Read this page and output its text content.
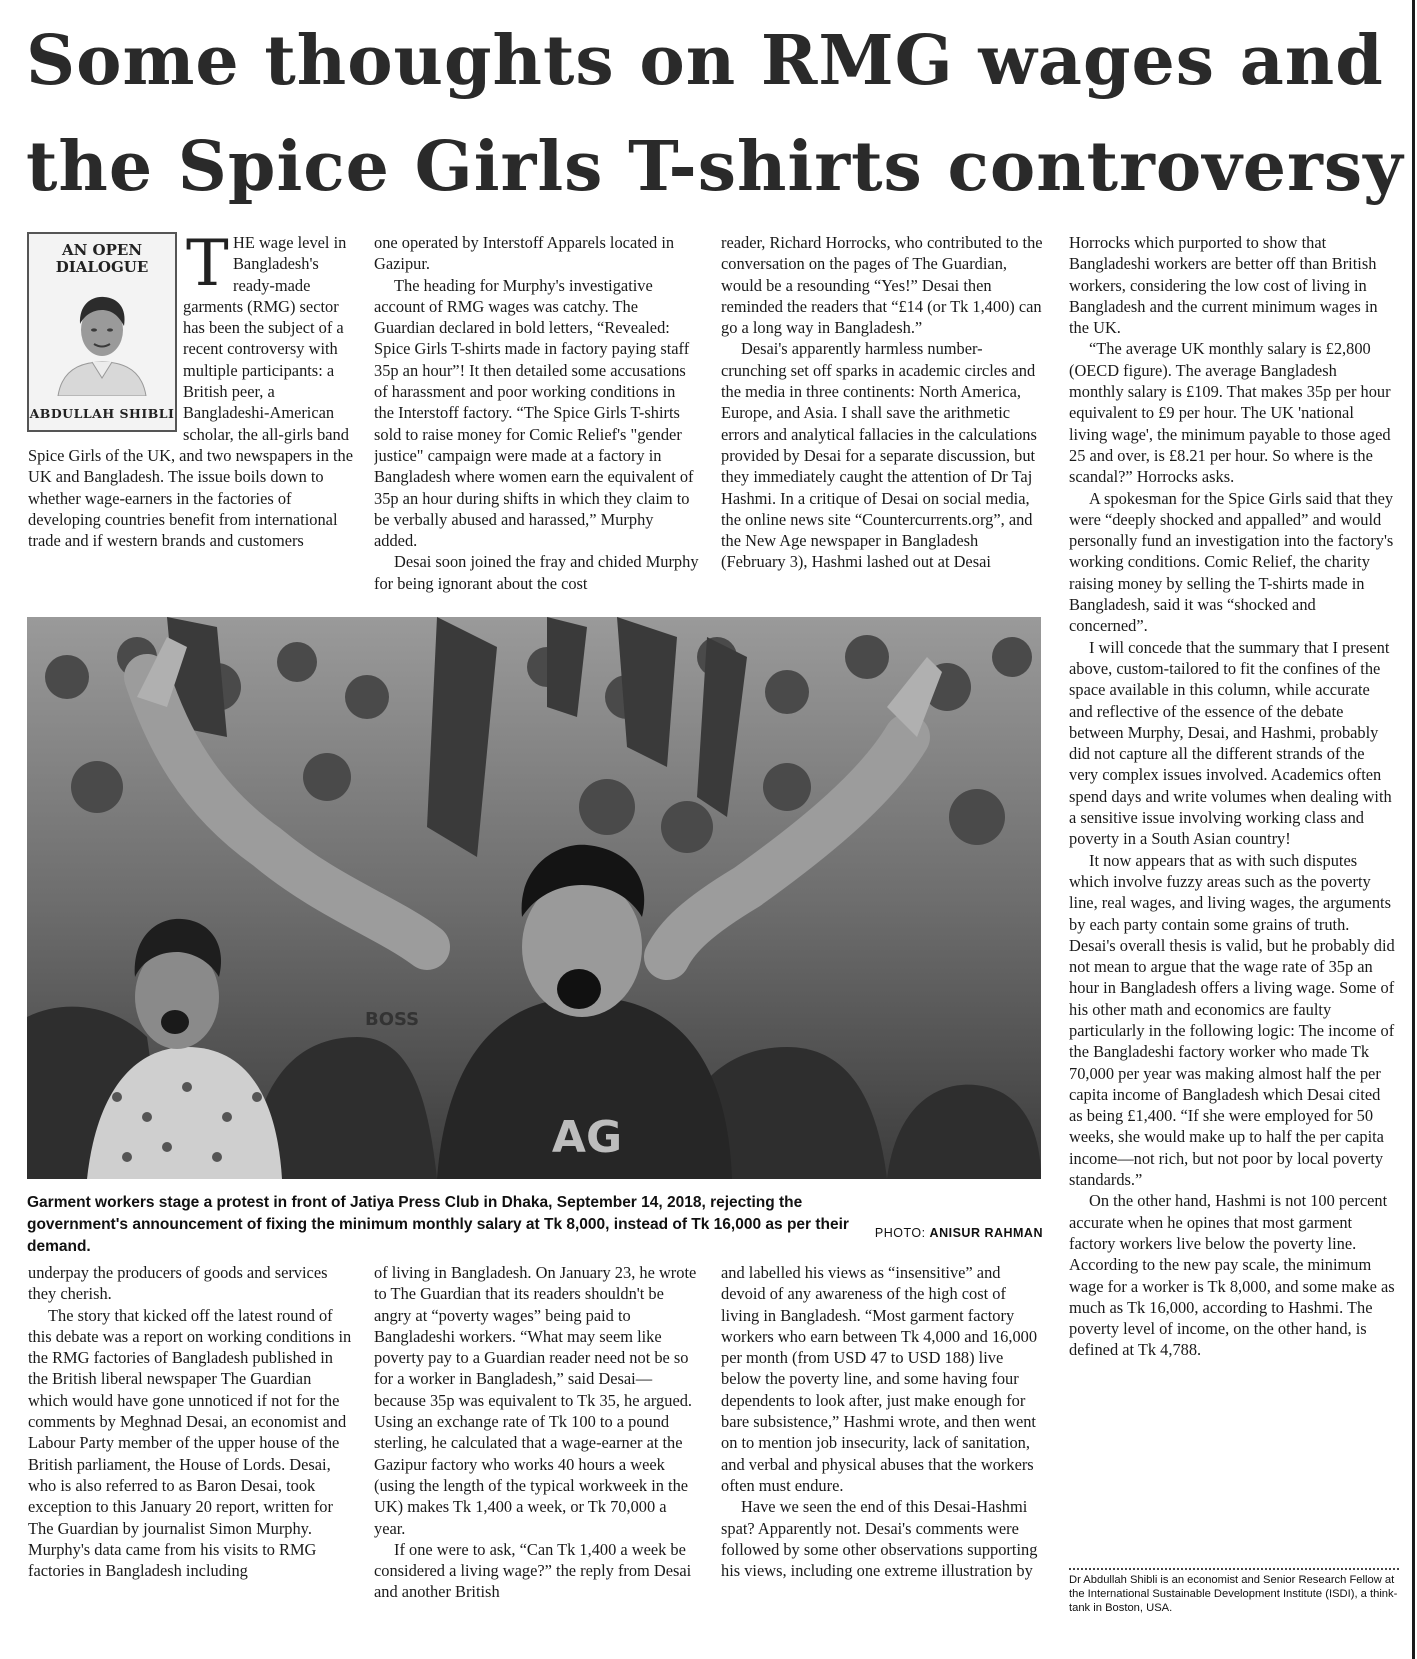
Some thoughts on RMG wages and
the Spice Girls T-shirts controversy
AN OPEN
DIALOGUE
ABDULLAH SHIBLI
T
HE wage level in Bangladesh's ready-made garments (RMG) sector has been the subject of a recent controversy with multiple participants: a British peer, a Bangladeshi-American scholar, the all-girls band Spice Girls of the UK, and two newspapers in the UK and Bangladesh. The issue boils down to whether wage-earners in the factories of developing countries benefit from international trade and if western brands and customers

one operated by Interstoff Apparels located in Gazipur.

The heading for Murphy's investigative account of RMG wages was catchy. The Guardian declared in bold letters, “Revealed: Spice Girls T-shirts made in factory paying staff 35p an hour”! It then detailed some accusations of harassment and poor working conditions in the Interstoff factory. “The Spice Girls T-shirts sold to raise money for Comic Relief's "gender justice" campaign were made at a factory in Bangladesh where women earn the equivalent of 35p an hour during shifts in which they claim to be verbally abused and harassed,” Murphy added.

Desai soon joined the fray and chided Murphy for being ignorant about the cost

reader, Richard Horrocks, who contributed to the conversation on the pages of The Guardian, would be a resounding “Yes!” Desai then reminded the readers that “£14 (or Tk 1,400) can go a long way in Bangladesh.”

Desai's apparently harmless number-crunching set off sparks in academic circles and the media in three continents: North America, Europe, and Asia. I shall save the arithmetic errors and analytical fallacies in the calculations provided by Desai for a separate discussion, but they immediately caught the attention of Dr Taj Hashmi. In a critique of Desai on social media, the online news site “Countercurrents.org”, and the New Age newspaper in Bangladesh (February 3), Hashmi lashed out at Desai

Horrocks which purported to show that Bangladeshi workers are better off than British workers, considering the low cost of living in Bangladesh and the current minimum wages in the UK.

“The average UK monthly salary is £2,800 (OECD figure). The average Bangladesh monthly salary is £109. That makes 35p per hour equivalent to £9 per hour. The UK 'national living wage', the minimum payable to those aged 25 and over, is £8.21 per hour. So where is the scandal?” Horrocks asks.

A spokesman for the Spice Girls said that they were “deeply shocked and appalled” and would personally fund an investigation into the factory's working conditions. Comic Relief, the charity raising money by selling the T-shirts made in Bangladesh, said it was “shocked and concerned”.

I will concede that the summary that I present above, custom-tailored to fit the confines of the space available in this column, while accurate and reflective of the essence of the debate between Murphy, Desai, and Hashmi, probably did not capture all the different strands of the very complex issues involved. Academics often spend days and write volumes when dealing with a sensitive issue involving working class and poverty in a South Asian country!

It now appears that as with such disputes which involve fuzzy areas such as the poverty line, real wages, and living wages, the arguments by each party contain some grains of truth. Desai's overall thesis is valid, but he probably did not mean to argue that the wage rate of 35p an hour in Bangladesh offers a living wage. Some of his other math and economics are faulty particularly in the following logic: The income of the Bangladeshi factory worker who made Tk 70,000 per year was making almost half the per capita income of Bangladesh which Desai cited as being £1,400. “If she were employed for 50 weeks, she would make up to half the per capita income—not rich, but not poor by local poverty standards.”

On the other hand, Hashmi is not 100 percent accurate when he opines that most garment factory workers live below the poverty line. According to the new pay scale, the minimum wage for a worker is Tk 8,000, and some make as much as Tk 16,000, according to Hashmi. The poverty level of income, on the other hand, is defined at Tk 4,788.

BOSS
AG
Garment workers stage a protest in front of Jatiya Press Club in Dhaka, September 14, 2018, rejecting the government's announcement of fixing the minimum monthly salary at Tk 8,000, instead of Tk 16,000 as per their demand.
PHOTO: ANISUR RAHMAN

underpay the producers of goods and services they cherish.

The story that kicked off the latest round of this debate was a report on working conditions in the RMG factories of Bangladesh published in the British liberal newspaper The Guardian which would have gone unnoticed if not for the comments by Meghnad Desai, an economist and Labour Party member of the upper house of the British parliament, the House of Lords. Desai, who is also referred to as Baron Desai, took exception to this January 20 report, written for The Guardian by journalist Simon Murphy. Murphy's data came from his visits to RMG factories in Bangladesh including

of living in Bangladesh. On January 23, he wrote to The Guardian that its readers shouldn't be angry at “poverty wages” being paid to Bangladeshi workers. “What may seem like poverty pay to a Guardian reader need not be so for a worker in Bangladesh,” said Desai—because 35p was equivalent to Tk 35, he argued. Using an exchange rate of Tk 100 to a pound sterling, he calculated that a wage-earner at the Gazipur factory who works 40 hours a week (using the length of the typical workweek in the UK) makes Tk 1,400 a week, or Tk 70,000 a year.

If one were to ask, “Can Tk 1,400 a week be considered a living wage?” the reply from Desai and another British

and labelled his views as “insensitive” and devoid of any awareness of the high cost of living in Bangladesh. “Most garment factory workers who earn between Tk 4,000 and 16,000 per month (from USD 47 to USD 188) live below the poverty line, and some having four dependents to look after, just make enough for bare subsistence,” Hashmi wrote, and then went on to mention job insecurity, lack of sanitation, and verbal and physical abuses that the workers often must endure.

Have we seen the end of this Desai-Hashmi spat? Apparently not. Desai's comments were followed by some other observations supporting his views, including one extreme illustration by	Dr Abdullah Shibli is an economist and Senior Research Fellow at the International Sustainable Development Institute (ISDI), a think-tank in Boston, USA.
